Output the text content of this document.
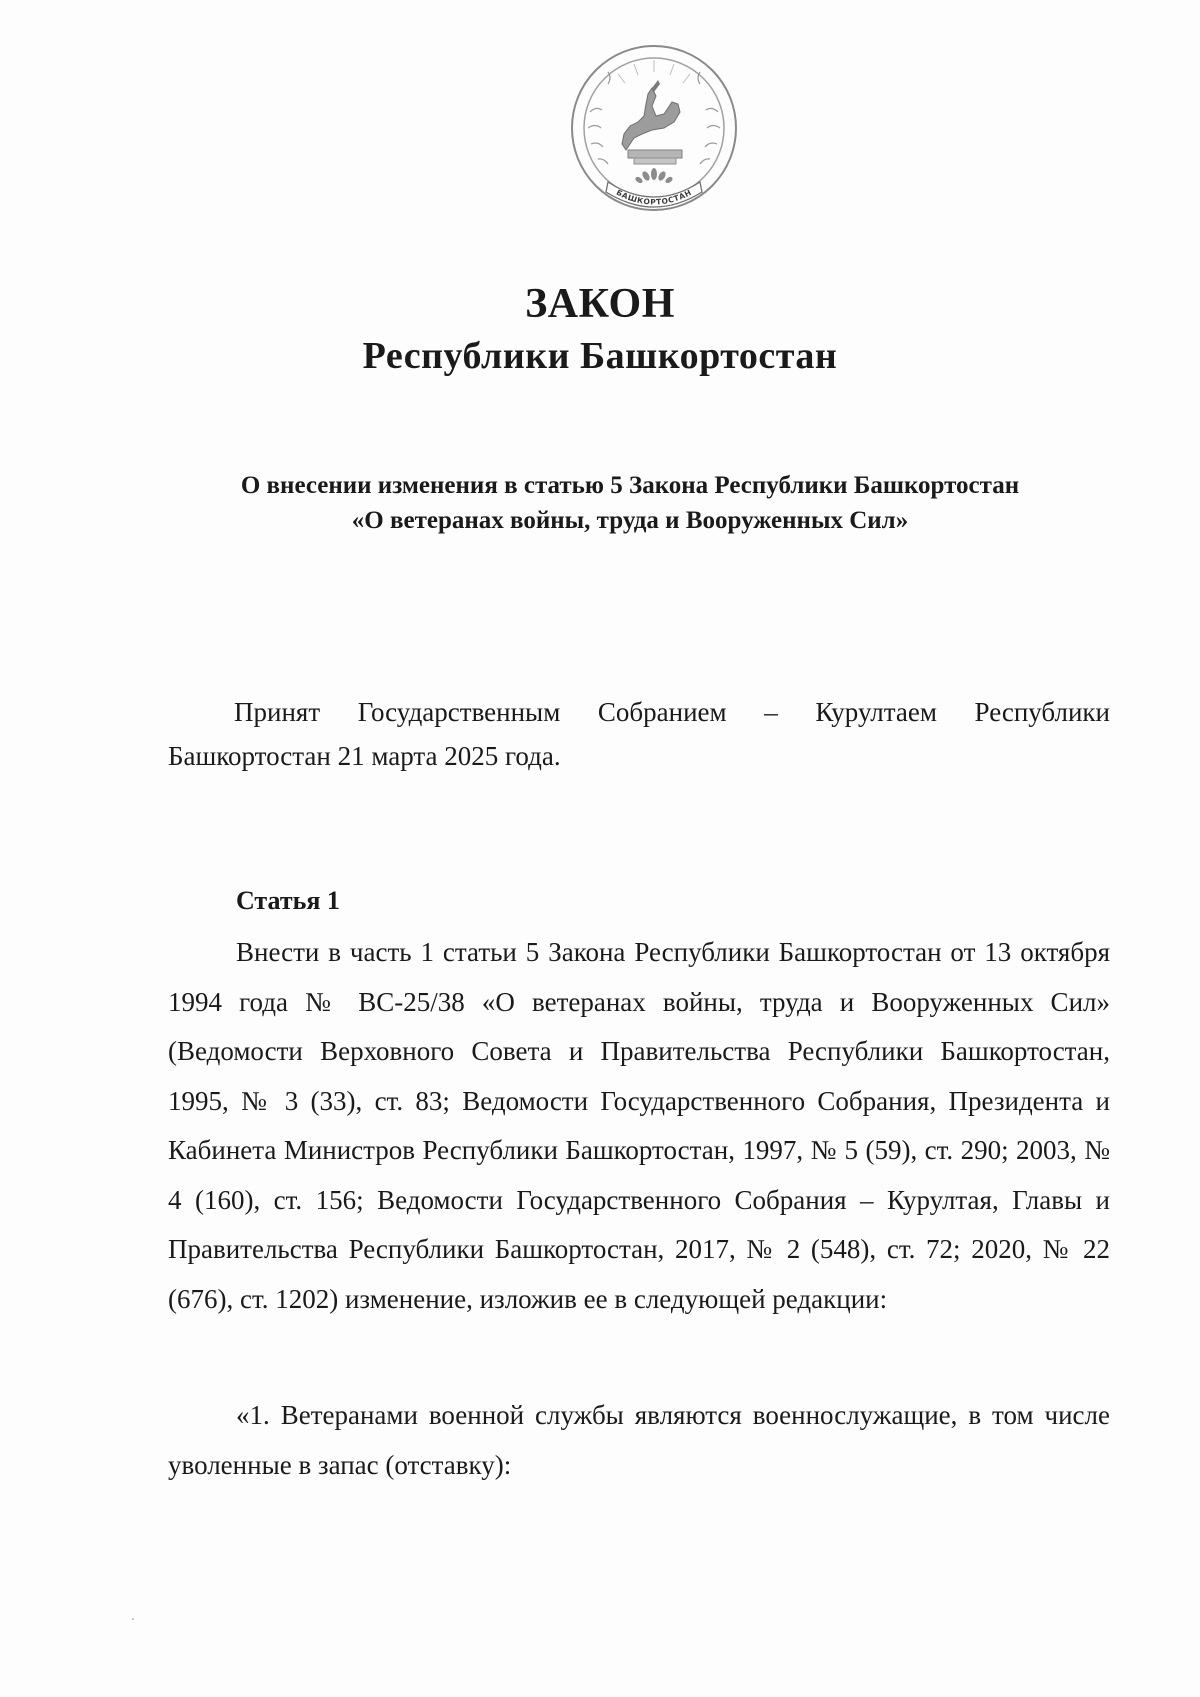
БАШКОРТОСТАН
ЗАКОН
Республики Башкортостан
О внесении изменения в статью 5 Закона Республики Башкортостан
«О ветеранах войны, труда и Вооруженных Сил»
Принят Государственным Собранием – Курултаем Республики Башкортостан 21 марта 2025 года.
Статья 1
Внести в часть 1 статьи 5 Закона Республики Башкортостан от 13 октября 1994 года № ВС-25/38 «О ветеранах войны, труда и Вооруженных Сил» (Ведомости Верховного Совета и Правительства Республики Башкортостан, 1995, № 3 (33), ст. 83; Ведомости Государственного Собрания, Президента и Кабинета Министров Республики Башкортостан, 1997, № 5 (59), ст. 290; 2003, № 4 (160), ст. 156; Ведомости Государственного Собрания – Курултая, Главы и Правительства Республики Башкортостан, 2017, № 2 (548), ст. 72; 2020, № 22 (676), ст. 1202) изменение, изложив ее в следующей редакции:
«1. Ветеранами военной службы являются военнослужащие, в том числе уволенные в запас (отставку):
